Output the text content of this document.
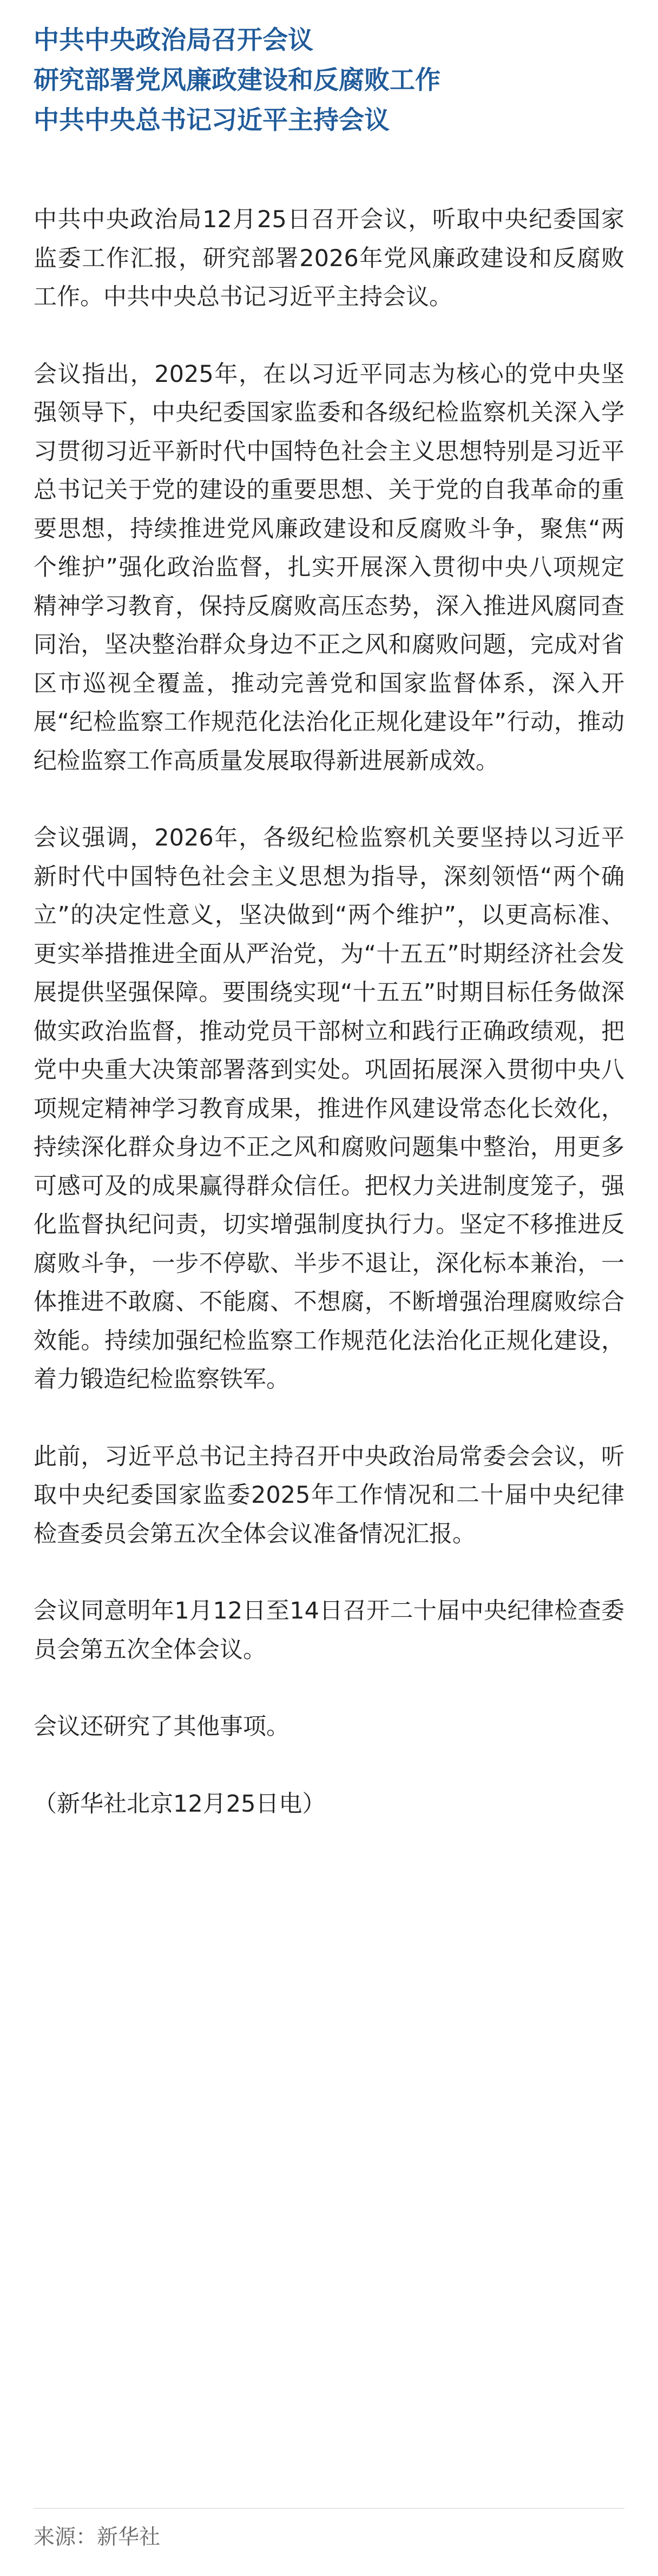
中共中央政治局召开会议
研究部署党风廉政建设和反腐败工作
中共中央总书记习近平主持会议

中共中央政治局12月25日召开会议，听取中央纪委国家监委工作汇报，研究部署2026年党风廉政建设和反腐败工作。中共中央总书记习近平主持会议。

会议指出，2025年，在以习近平同志为核心的党中央坚强领导下，中央纪委国家监委和各级纪检监察机关深入学习贯彻习近平新时代中国特色社会主义思想特别是习近平总书记关于党的建设的重要思想、关于党的自我革命的重要思想，持续推进党风廉政建设和反腐败斗争，聚焦“两个维护”强化政治监督，扎实开展深入贯彻中央八项规定精神学习教育，保持反腐败高压态势，深入推进风腐同查同治，坚决整治群众身边不正之风和腐败问题，完成对省区市巡视全覆盖，推动完善党和国家监督体系，深入开展“纪检监察工作规范化法治化正规化建设年”行动，推动纪检监察工作高质量发展取得新进展新成效。

会议强调，2026年，各级纪检监察机关要坚持以习近平新时代中国特色社会主义思想为指导，深刻领悟“两个确立”的决定性意义，坚决做到“两个维护”，以更高标准、更实举措推进全面从严治党，为“十五五”时期经济社会发展提供坚强保障。要围绕实现“十五五”时期目标任务做深做实政治监督，推动党员干部树立和践行正确政绩观，把党中央重大决策部署落到实处。巩固拓展深入贯彻中央八项规定精神学习教育成果，推进作风建设常态化长效化，持续深化群众身边不正之风和腐败问题集中整治，用更多可感可及的成果赢得群众信任。把权力关进制度笼子，强化监督执纪问责，切实增强制度执行力。坚定不移推进反腐败斗争，一步不停歇、半步不退让，深化标本兼治，一体推进不敢腐、不能腐、不想腐，不断增强治理腐败综合效能。持续加强纪检监察工作规范化法治化正规化建设，着力锻造纪检监察铁军。

此前，习近平总书记主持召开中央政治局常委会会议，听取中央纪委国家监委2025年工作情况和二十届中央纪律检查委员会第五次全体会议准备情况汇报。

会议同意明年1月12日至14日召开二十届中央纪律检查委员会第五次全体会议。

会议还研究了其他事项。

（新华社北京12月25日电）

来源：新华社
